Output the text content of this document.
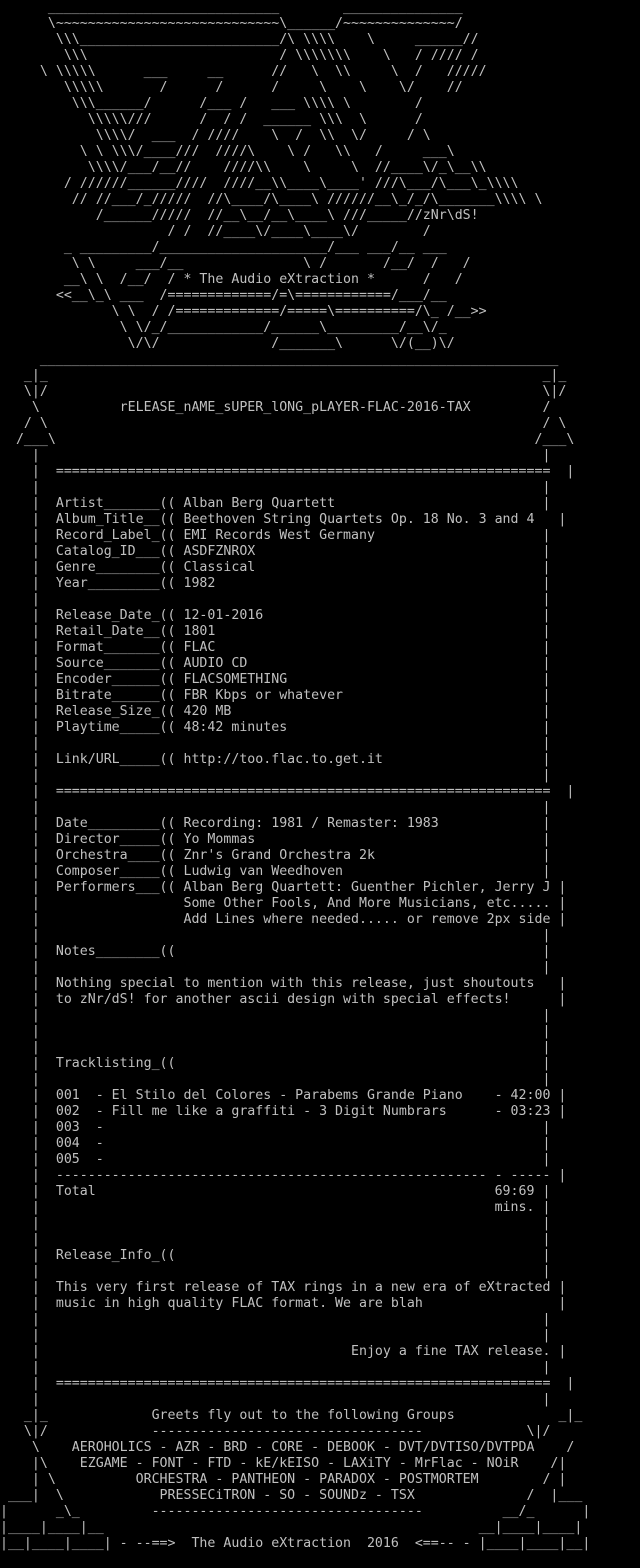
_____________________________        _______________
\~~~~~~~~~~~~~~~~~~~~~~~~~~~~\______/~~~~~~~~~~~~~~/
\\\_________________________/\ \\\\    \     ______//
\\\                        / \\\\\\\    \   / //// /
\ \\\\\      ___     __      //   \  \\     \  /   /////
\\\\\       /      /      /     \    \    \/    //
\\\______/      /___ /   ___ \\\\ \        /
\\\\\///      /  / /  ______ \\\  \      /
\\\\/  ___  / ////    \  /  \\  \/     / \
\ \ \\\/____///  ////\    \ /   \\   /     ___\
\\\\/___/__//    ////\\    \     \  //____\/_\__\\
/ //////______////  ////__\\____\____' ///\___/\___\_\\\\
// //___/_/////  //\____/\____\ //////__\_/_/\_______\\\\ \
/______/////  //__\__/__\____\ ///_____//zNr\dS!
/ /  //____\/____\____\/        /
_ _________/_____________________/___ ___/__ ___
\ \     ___/__               \ /       /__/  /   /
__\ \  /__/  / * The Audio eXtraction *      /   /
<<__\_\ ___  /=============/=\============/___/__
\ \  / /=============/=====\==========/\_ /__>>
\ \/_/____________/______\_________/__\/_
\/\/              /_______\      \/(__)\/
_________________________________________________________________
_|_                                                              _|_
\|/                                                              \|/
\          rELEASE_nAME_sUPER_lONG_pLAYER-FLAC-2016-TAX         /
/ \                                                              / \
/___\                                                            /___\
|                                                               |
|  ==============================================================  |
|                                                               |
|  Artist_______(( Alban Berg Quartett                          |
|  Album_Title__(( Beethoven String Quartets Op. 18 No. 3 and 4   |
|  Record_Label_(( EMI Records West Germany                     |
|  Catalog_ID___(( ASDFZNROX                                    |
|  Genre________(( Classical                                    |
|  Year_________(( 1982                                         |
|                                                               |
|  Release_Date_(( 12-01-2016                                   |
|  Retail_Date__(( 1801                                         |
|  Format_______(( FLAC                                         |
|  Source_______(( AUDIO CD                                     |
|  Encoder______(( FLACSOMETHING                                |
|  Bitrate______(( FBR Kbps or whatever                         |
|  Release_Size_(( 420 MB                                       |
|  Playtime_____(( 48:42 minutes                                |
|                                                               |
|  Link/URL_____(( http://too.flac.to.get.it                    |
|                                                               |
|  ==============================================================  |
|                                                               |
|  Date_________(( Recording: 1981 / Remaster: 1983             |
|  Director_____(( Yo Mommas                                    |
|  Orchestra____(( Znr's Grand Orchestra 2k                     |
|  Composer_____(( Ludwig van Weedhoven                         |
|  Performers___(( Alban Berg Quartett: Guenther Pichler, Jerry J |
|                  Some Other Fools, And More Musicians, etc..... |
|                  Add Lines where needed..... or remove 2px side |
|                                                               |
|  Notes________((                                              |
|                                                               |
|  Nothing special to mention with this release, just shoutouts   |
|  to zNr/dS! for another ascii design with special effects!      |
|                                                               |
|                                                               |
|                                                               |
|  Tracklisting_((                                              |
|                                                               |
|  001  - El Stilo del Colores - Parabems Grande Piano    - 42:00 |
|  002  - Fill me like a graffiti - 3 Digit Numbrars      - 03:23 |
|  003  -                                                       |
|  004  -                                                       |
|  005  -                                                       |
|  ------------------------------------------------------ - ----- |
|  Total                                                  69:69 |
|                                                         mins. |
|                                                               |
|                                                               |
|  Release_Info_((                                              |
|                                                               |
|  This very first release of TAX rings in a new era of eXtracted |
|  music in high quality FLAC format. We are blah                 |
|                                                               |
|                                                               |
|                                       Enjoy a fine TAX release. |
|                                                               |
|  ==============================================================  |
|                                                               |
_|_             Greets fly out to the following Groups             _|_
\|/             ----------------------------------             \|/
\    AEROHOLICS - AZR - BRD - CORE - DEBOOK - DVT/DVTISO/DVTPDA    /
|\    EZGAME - FONT - FTD - kE/kEISO - LAXiTY - MrFlac - NOiR    /|
| \          ORCHESTRA - PANTHEON - PARADOX - POSTMORTEM        / |
___|  \            PRESSECiTRON - SO - SOUNDz - TSX              /  |___
|      _\_         ----------------------------------          __/_      |
|____|____|__                                               __|____|____|
|__|____|____| - --==>  The Audio eXtraction  2016  <==-- - |____|____|__|
